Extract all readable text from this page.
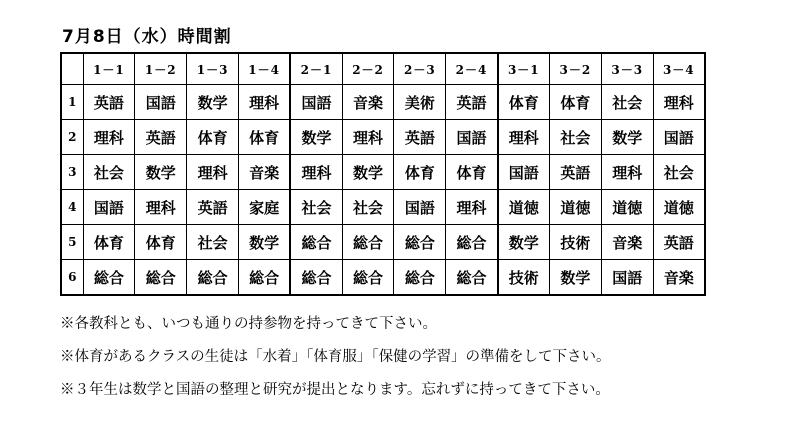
7月8日（水）時間割
	1－1	1－2	1－3	1－4	2－1	2－2	2－3	2－4	3－1	3－2	3－3	3－4
1	英語	国語	数学	理科	国語	音楽	美術	英語	体育	体育	社会	理科
2	理科	英語	体育	体育	数学	理科	英語	国語	理科	社会	数学	国語
3	社会	数学	理科	音楽	理科	数学	体育	体育	国語	英語	理科	社会
4	国語	理科	英語	家庭	社会	社会	国語	理科	道徳	道徳	道徳	道徳
5	体育	体育	社会	数学	総合	総合	総合	総合	数学	技術	音楽	英語
6	総合	総合	総合	総合	総合	総合	総合	総合	技術	数学	国語	音楽
※各教科とも、いつも通りの持参物を持ってきて下さい。
※体育があるクラスの生徒は「水着」「体育服」「保健の学習」の準備をして下さい。
※３年生は数学と国語の整理と研究が提出となります。忘れずに持ってきて下さい。
